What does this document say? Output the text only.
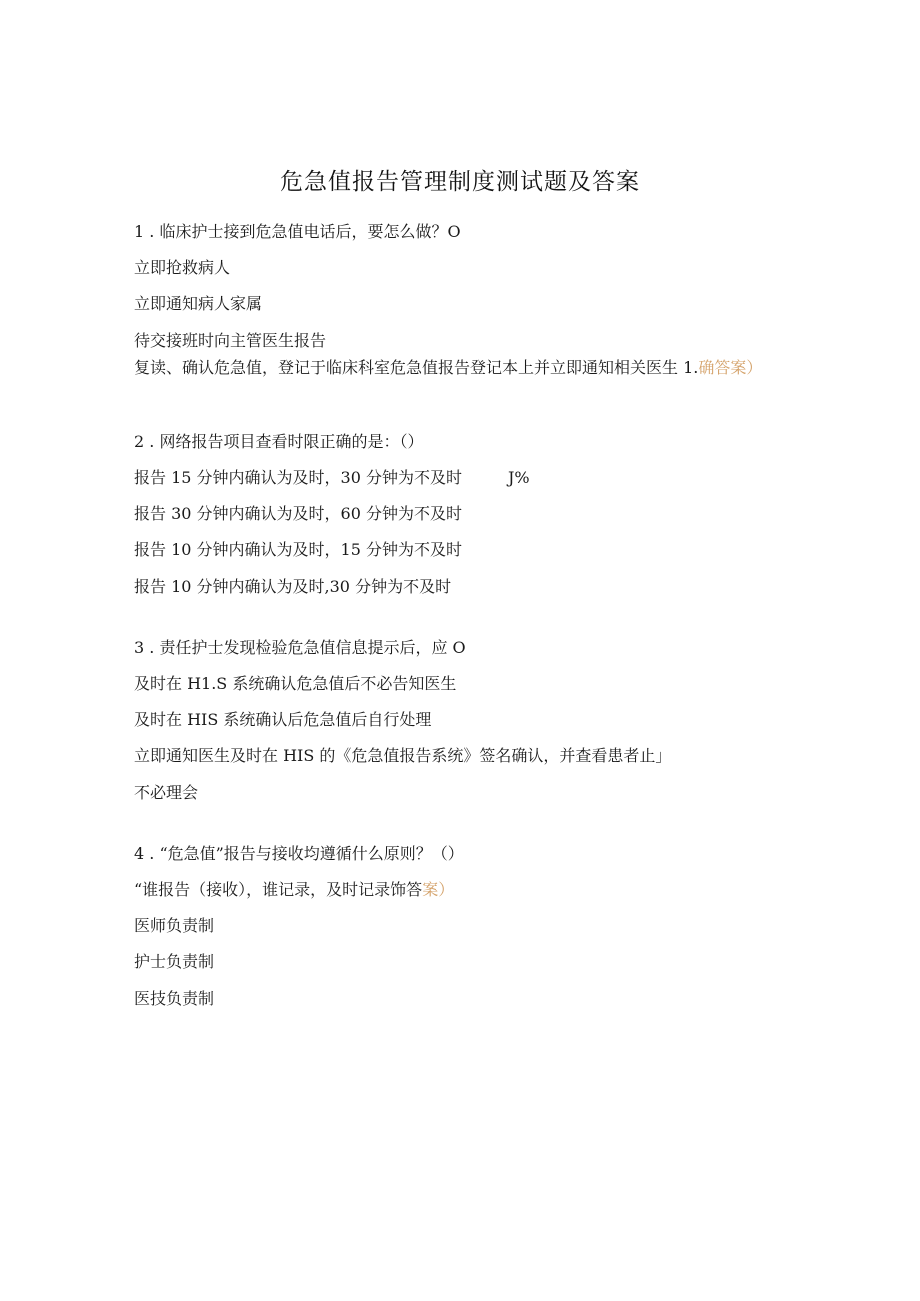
危急值报告管理制度测试题及答案
1 . 临床护士接到危急值电话后，要怎么做？O
立即抢救病人
立即通知病人家属
待交接班时向主管医生报告
复读、确认危急值，登记于临床科室危急值报告登记本上并立即通知相关医生 1.确答案）
2 . 网络报告项目查看时限正确的是：（）
报告 15 分钟内确认为及时，30 分钟为不及时	J%
报告 30 分钟内确认为及时，60 分钟为不及时
报告 10 分钟内确认为及时，15 分钟为不及时
报告 10 分钟内确认为及时,30 分钟为不及时
3 . 责任护士发现检验危急值信息提示后，应 O
及时在 H1.S 系统确认危急值后不必告知医生
及时在 HIS 系统确认后危急值后自行处理
立即通知医生及时在 HIS 的《危急值报告系统》签名确认，并查看患者止」
不必理会
4 . “危急值”报告与接收均遵循什么原则？（）
“谁报告（接收），谁记录，及时记录饰答案）
医师负责制
护士负责制
医技负责制
